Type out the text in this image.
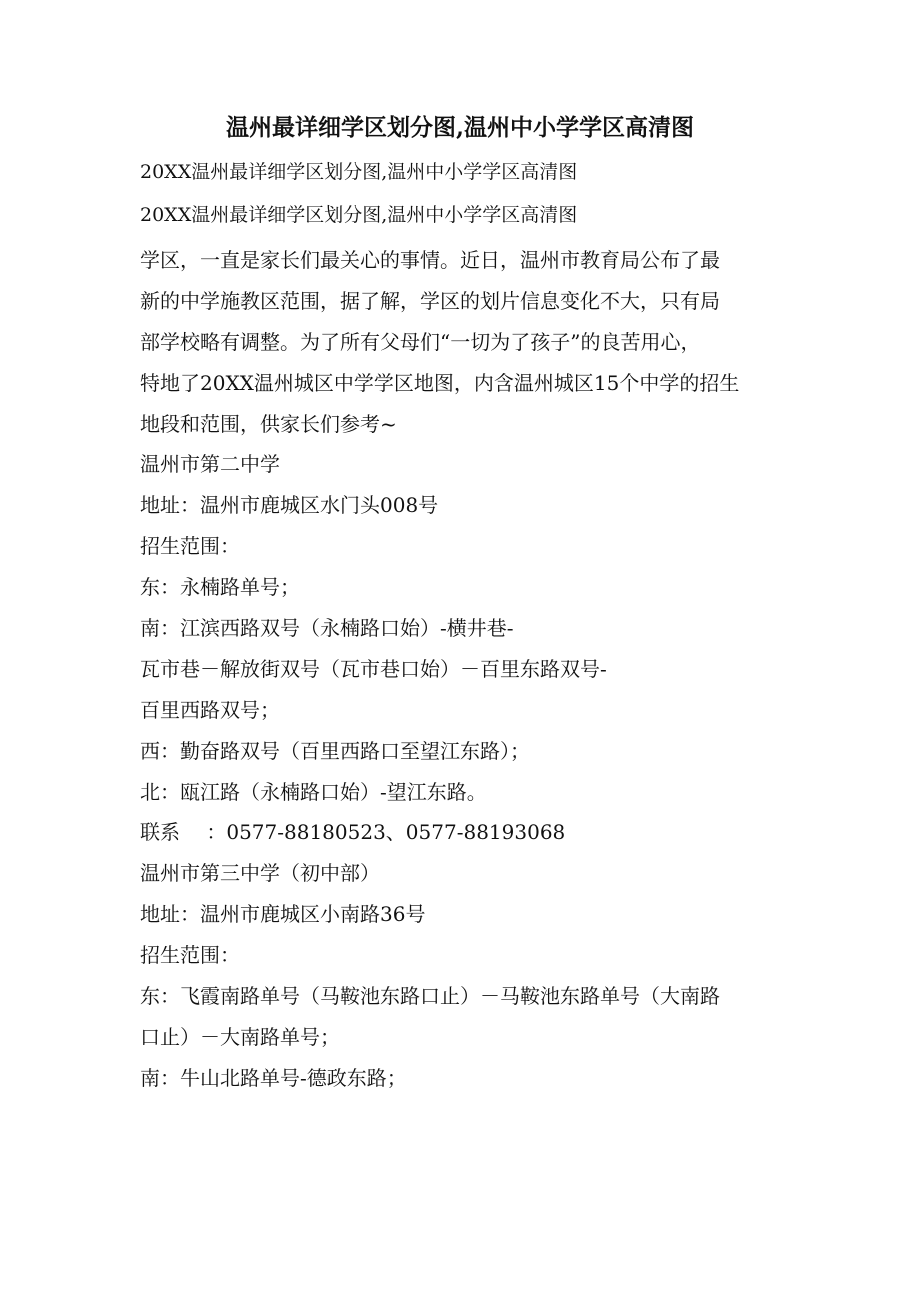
温州最详细学区划分图,温州中小学学区高清图
20XX温州最详细学区划分图,温州中小学学区高清图
20XX温州最详细学区划分图,温州中小学学区高清图
学区，一直是家长们最关心的事情。近日，温州市教育局公布了最
新的中学施教区范围，据了解，学区的划片信息变化不大，只有局
部学校略有调整。为了所有父母们“一切为了孩子”的良苦用心，
特地了20XX温州城区中学学区地图，内含温州城区15个中学的招生
地段和范围，供家长们参考~
温州市第二中学
地址：温州市鹿城区水门头008号
招生范围：
东：永楠路单号；
南：江滨西路双号（永楠路口始）-横井巷-
瓦市巷－解放街双号（瓦市巷口始）－百里东路双号-
百里西路双号；
西：勤奋路双号（百里西路口至望江东路）；
北：瓯江路（永楠路口始）-望江东路。
联系　 ：0577-88180523、0577-88193068
温州市第三中学（初中部）
地址：温州市鹿城区小南路36号
招生范围：
东：飞霞南路单号（马鞍池东路口止）－马鞍池东路单号（大南路
口止）－大南路单号；
南：牛山北路单号-德政东路；
